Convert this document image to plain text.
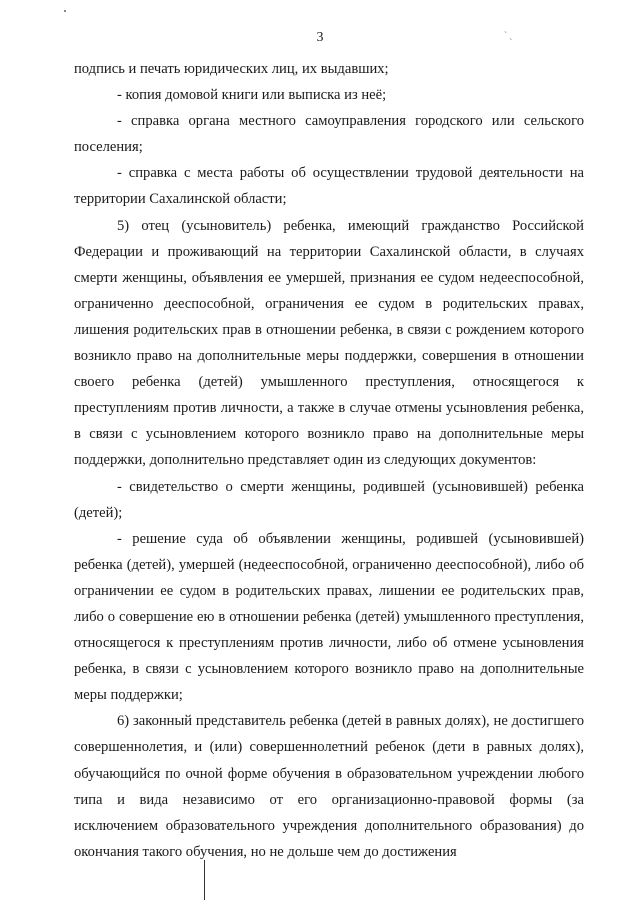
` ˎ
3

подпись и печать юридических лиц, их выдавших;

- копия домовой книги или выписка из неё;

- справка органа местного самоуправления городского или сельского поселения;

- справка с места работы об осуществлении трудовой деятельности на территории Сахалинской области;

5) отец (усыновитель) ребенка, имеющий гражданство Российской Федерации и проживающий на территории Сахалинской области, в случаях смерти женщины, объявления ее умершей, признания ее судом недееспособной, ограниченно дееспособной, ограничения ее судом в родительских правах, лишения родительских прав в отношении ребенка, в связи с рождением которого возникло право на дополнительные меры поддержки, совершения в отношении своего ребенка (детей) умышленного преступления, относящегося к преступлениям против личности, а также в случае отмены усыновления ребенка, в связи с усыновлением которого возникло право на дополнительные меры поддержки, дополнительно представляет один из следующих документов:

- свидетельство о смерти женщины, родившей (усыновившей) ребенка (детей);

- решение суда об объявлении женщины, родившей (усыновившей) ребенка (детей), умершей (недееспособной, ограниченно дееспособной), либо об ограничении ее судом в родительских правах, лишении ее родительских прав, либо о совершение ею в отношении ребенка (детей) умышленного преступления, относящегося к преступлениям против личности, либо об отмене усыновления ребенка, в связи с усыновлением которого возникло право на дополнительные меры поддержки;

6) законный представитель ребенка (детей в равных долях), не достигшего совершеннолетия, и (или) совершеннолетний ребенок (дети в равных долях), обучающийся по очной форме обучения в образовательном учреждении любого типа и вида независимо от его организационно-правовой формы (за исключением образовательного учреждения дополнительного образования) до окончания такого обучения, но не дольше чем до достижения
